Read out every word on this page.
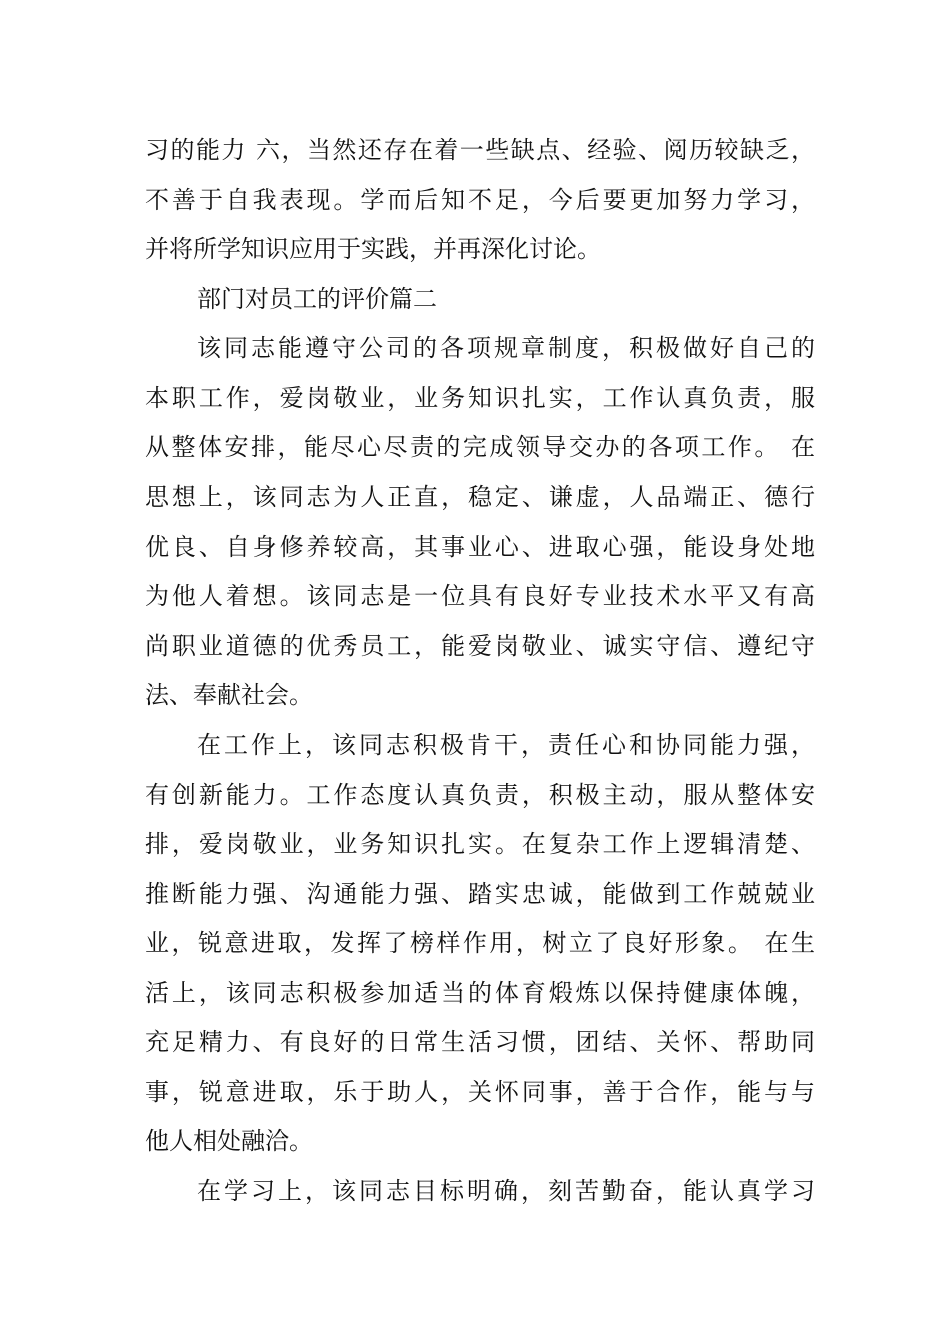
习的能力 六，当然还存在着一些缺点、经验、阅历较缺乏，
不善于自我表现。学而后知不足，今后要更加努力学习，
并将所学知识应用于实践，并再深化讨论。
部门对员工的评价篇二
该同志能遵守公司的各项规章制度，积极做好自己的
本职工作，爱岗敬业，业务知识扎实，工作认真负责，服
从整体安排，能尽心尽责的完成领导交办的各项工作。 在
思想上，该同志为人正直，稳定、谦虚，人品端正、德行
优良、自身修养较高，其事业心、进取心强，能设身处地
为他人着想。该同志是一位具有良好专业技术水平又有高
尚职业道德的优秀员工，能爱岗敬业、诚实守信、遵纪守
法、奉献社会。
在工作上，该同志积极肯干，责任心和协同能力强，
有创新能力。工作态度认真负责，积极主动，服从整体安
排，爱岗敬业，业务知识扎实。在复杂工作上逻辑清楚、
推断能力强、沟通能力强、踏实忠诚，能做到工作兢兢业
业，锐意进取，发挥了榜样作用，树立了良好形象。 在生
活上，该同志积极参加适当的体育煅炼以保持健康体魄，
充足精力、有良好的日常生活习惯，团结、关怀、帮助同
事，锐意进取，乐于助人，关怀同事，善于合作，能与与
他人相处融洽。
在学习上，该同志目标明确，刻苦勤奋，能认真学习
